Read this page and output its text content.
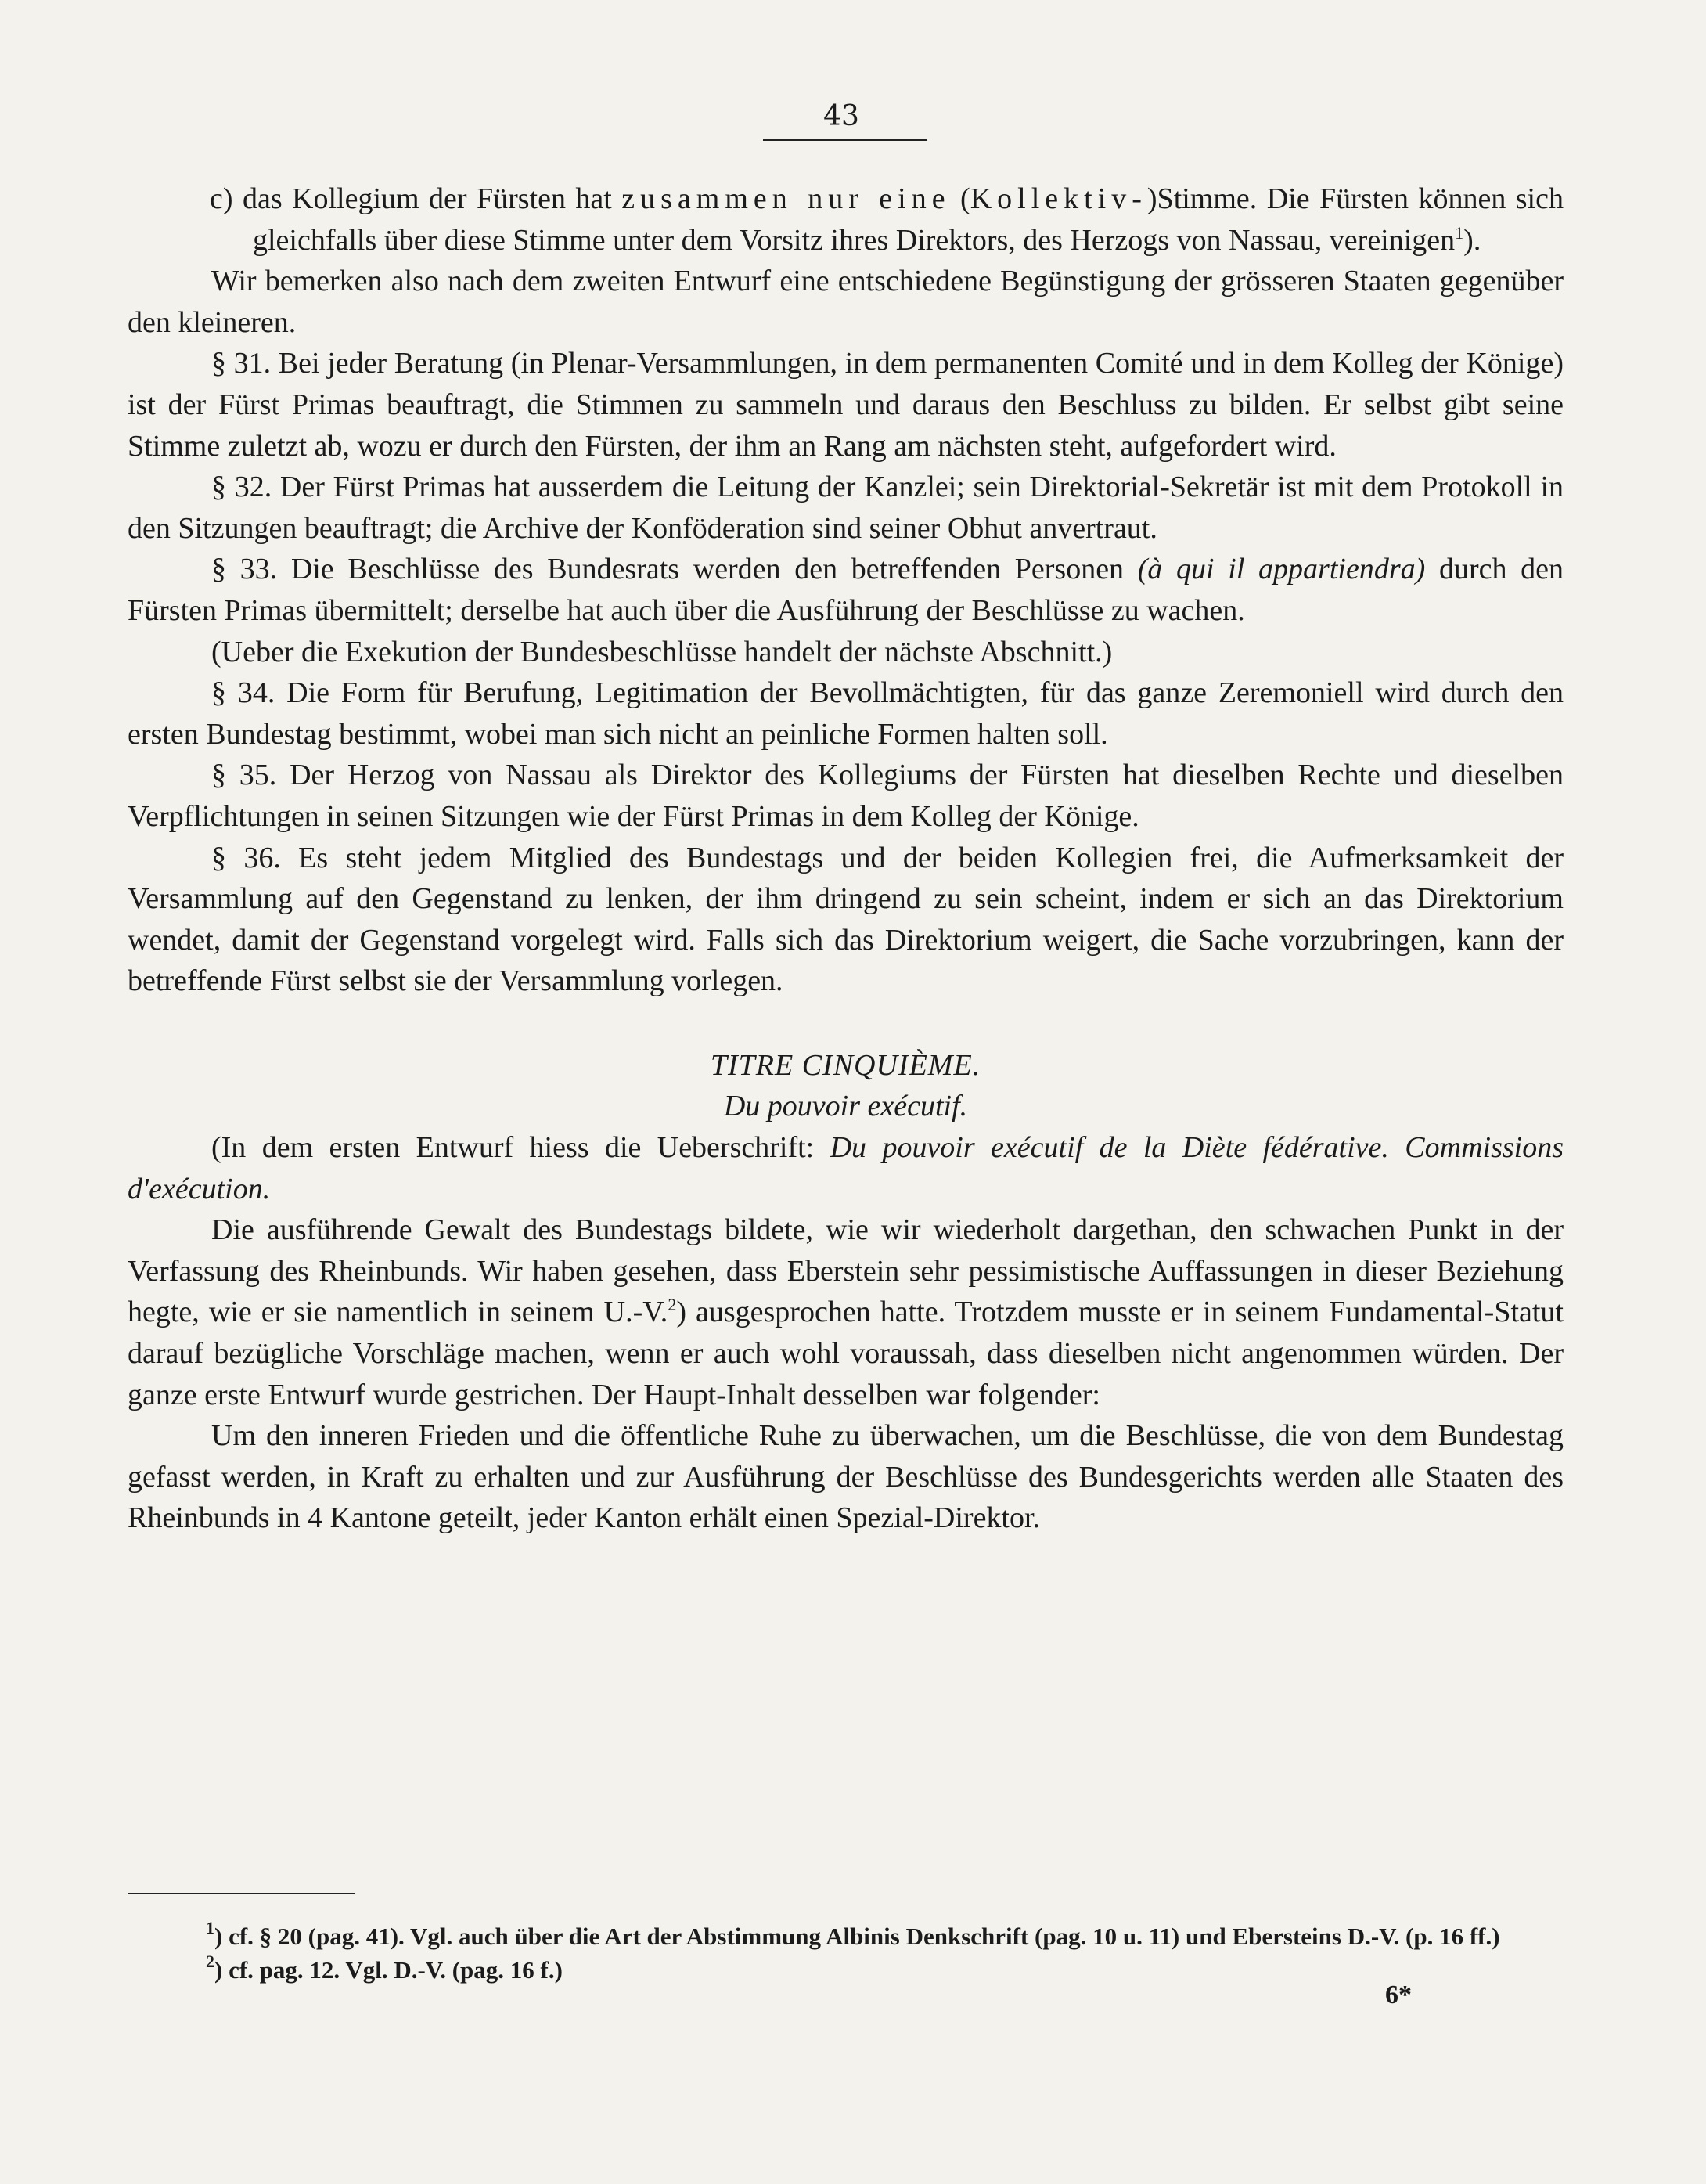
43

c) das Kollegium der Fürsten hat zusammen nur eine (Kollektiv-)Stimme. Die Fürsten können sich gleichfalls über diese Stimme unter dem Vorsitz ihres Direktors, des Herzogs von Nassau, vereinigen$^1$).

Wir bemerken also nach dem zweiten Entwurf eine entschiedene Begünstigung der grösseren Staaten gegenüber den kleineren.

§ 31. Bei jeder Beratung (in Plenar-Versammlungen, in dem permanenten Comité und in dem Kolleg der Könige) ist der Fürst Primas beauftragt, die Stimmen zu sammeln und daraus den Beschluss zu bilden. Er selbst gibt seine Stimme zuletzt ab, wozu er durch den Fürsten, der ihm an Rang am nächsten steht, aufgefordert wird.

§ 32. Der Fürst Primas hat ausserdem die Leitung der Kanzlei; sein Direktorial-Sekretär ist mit dem Protokoll in den Sitzungen beauftragt; die Archive der Konföderation sind seiner Obhut anvertraut.

§ 33. Die Beschlüsse des Bundesrats werden den betreffenden Personen (à qui il appartiendra) durch den Fürsten Primas übermittelt; derselbe hat auch über die Ausführung der Beschlüsse zu wachen.

(Ueber die Exekution der Bundesbeschlüsse handelt der nächste Abschnitt.)

§ 34. Die Form für Berufung, Legitimation der Bevollmächtigten, für das ganze Zeremoniell wird durch den ersten Bundestag bestimmt, wobei man sich nicht an peinliche Formen halten soll.

§ 35. Der Herzog von Nassau als Direktor des Kollegiums der Fürsten hat dieselben Rechte und dieselben Verpflichtungen in seinen Sitzungen wie der Fürst Primas in dem Kolleg der Könige.

§ 36. Es steht jedem Mitglied des Bundestags und der beiden Kollegien frei, die Aufmerksamkeit der Versammlung auf den Gegenstand zu lenken, der ihm dringend zu sein scheint, indem er sich an das Direktorium wendet, damit der Gegenstand vorgelegt wird. Falls sich das Direktorium weigert, die Sache vorzubringen, kann der betreffende Fürst selbst sie der Versammlung vorlegen.

TITRE CINQUIÈME.

Du pouvoir exécutif.

(In dem ersten Entwurf hiess die Ueberschrift: Du pouvoir exécutif de la Diète fédérative. Commissions d'exécution.

Die ausführende Gewalt des Bundestags bildete, wie wir wiederholt dargethan, den schwachen Punkt in der Verfassung des Rheinbunds. Wir haben gesehen, dass Eberstein sehr pessimistische Auffassungen in dieser Beziehung hegte, wie er sie namentlich in seinem U.-V.$^2$) ausgesprochen hatte. Trotzdem musste er in seinem Fundamental-Statut darauf bezügliche Vorschläge machen, wenn er auch wohl voraussah, dass dieselben nicht angenommen würden. Der ganze erste Entwurf wurde gestrichen. Der Haupt-Inhalt desselben war folgender:

Um den inneren Frieden und die öffentliche Ruhe zu überwachen, um die Beschlüsse, die von dem Bundestag gefasst werden, in Kraft zu erhalten und zur Ausführung der Beschlüsse des Bundesgerichts werden alle Staaten des Rheinbunds in 4 Kantone geteilt, jeder Kanton erhält einen Spezial-Direktor.

$^1$) cf. § 20 (pag. 41). Vgl. auch über die Art der Abstimmung Albinis Denkschrift (pag. 10 u. 11) und Ebersteins D.-V. (p. 16 ff.)

$^2$) cf. pag. 12. Vgl. D.-V. (pag. 16 f.)

6*
